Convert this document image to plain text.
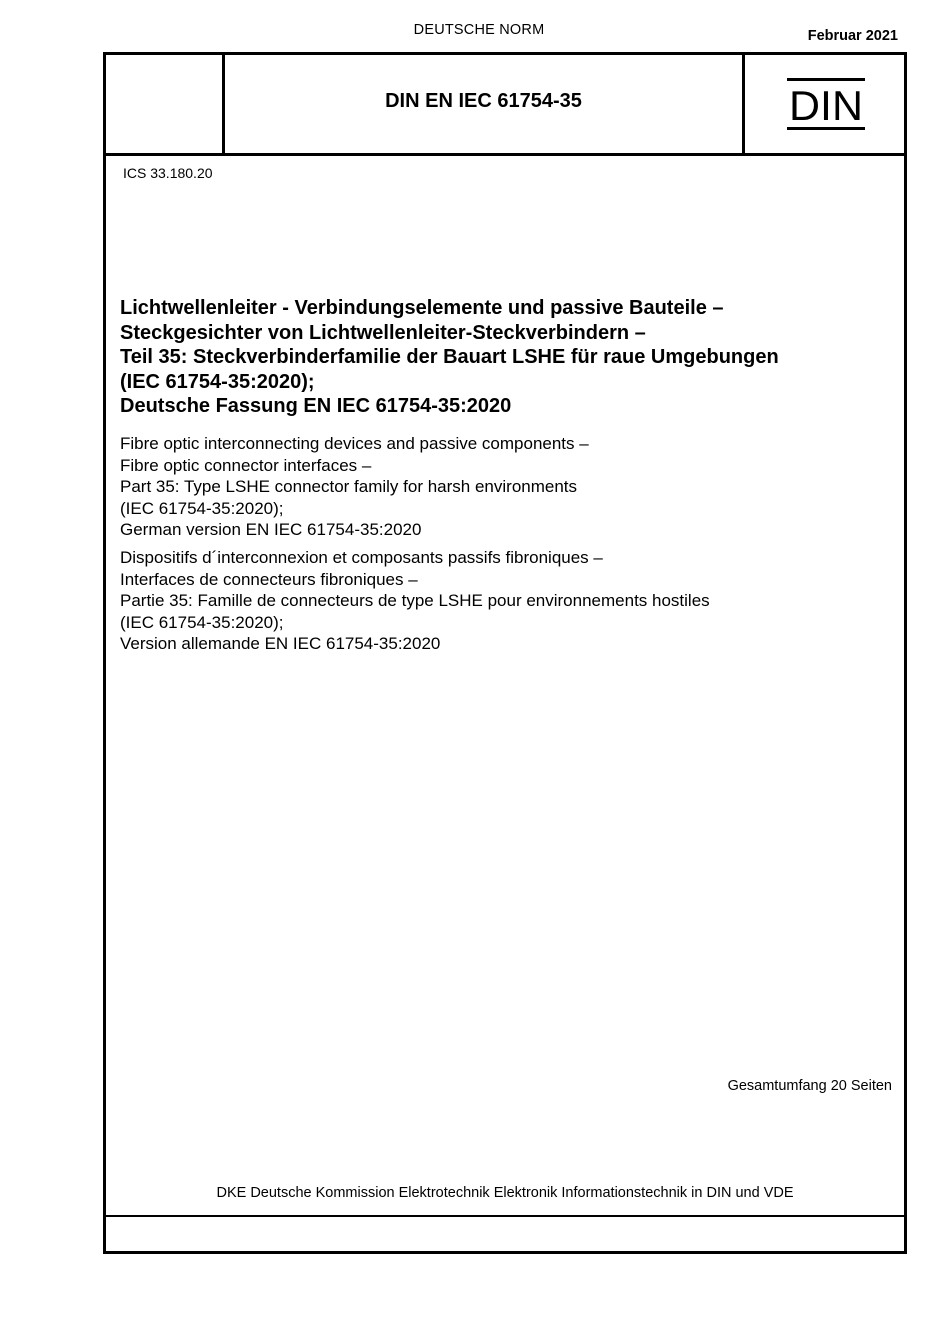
DEUTSCHE NORM	Februar 2021
DIN EN IEC 61754-35	DIN
ICS 33.180.20
Lichtwellenleiter - Verbindungselemente und passive Bauteile –
Steckgesichter von Lichtwellenleiter-Steckverbindern –
Teil 35: Steckverbinderfamilie der Bauart LSHE für raue Umgebungen
(IEC 61754-35:2020);
Deutsche Fassung EN IEC 61754-35:2020
Fibre optic interconnecting devices and passive components –
Fibre optic connector interfaces –
Part 35: Type LSHE connector family for harsh environments
(IEC 61754-35:2020);
German version EN IEC 61754-35:2020
Dispositifs d´interconnexion et composants passifs fibroniques –
Interfaces de connecteurs fibroniques –
Partie 35: Famille de connecteurs de type LSHE pour environnements hostiles
(IEC 61754-35:2020);
Version allemande EN IEC 61754-35:2020
Gesamtumfang 20 Seiten
DKE Deutsche Kommission Elektrotechnik Elektronik Informationstechnik in DIN und VDE
